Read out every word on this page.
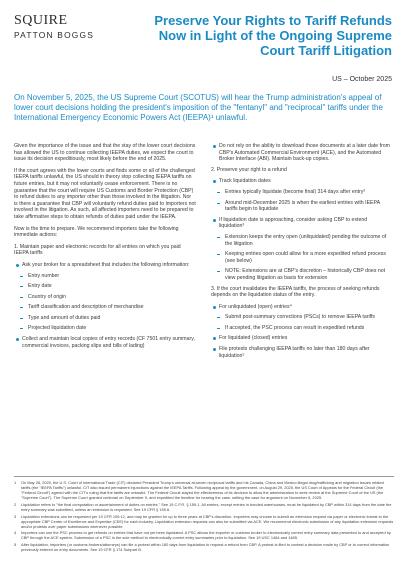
SQUIRE
PATTON BOGGS
Preserve Your Rights to Tariff Refunds Now in Light of the Ongoing Supreme Court Tariff Litigation
US – October 2025
On November 5, 2025, the US Supreme Court (SCOTUS) will hear the Trump administration's appeal of lower court decisions holding the president's imposition of the "fentanyl" and "reciprocal" tariffs under the International Emergency Economic Powers Act (IEEPA)¹ unlawful.

Given the importance of the issue and that the stay of the lower court decisions has allowed the US to continue collecting IEEPA duties, we expect the court to issue its decision expeditiously, most likely before the end of 2025.

If the court agrees with the lower courts and finds some or all of the challenged IEEPA tariffs unlawful, the US should in theory stop collecting IEEPA tariffs on future entries, but it may not voluntarily cease enforcement. There is no guarantee that the court will require US Customs and Border Protection (CBP) to refund duties to any importer other than those involved in the litigation. Nor is there a guarantee that CBP will voluntarily refund duties paid to importers not involved in the litigation. As such, all affected importers need to be prepared to take affirmative steps to obtain refunds of duties paid under the IEEPA.

Now is the time to prepare. We recommend importers take the following immediate actions:

1. Maintain paper and electronic records for all entries on which you paid IEEPA tariffs

Ask your broker for a spreadsheet that includes the following information:
Entry number
Entry date
Country of origin
Tariff classification and description of merchandise
Type and amount of duties paid
Projected liquidation date
Collect and maintain local copies of entry records (CF 7501 entry summary, commercial invoices, packing slips and bills of lading)
Do not rely on the ability to download those documents at a later date from CBP's Automated Commercial Environment (ACE), and the Automated Broker Interface (ABI). Maintain back-up copies.

2. Preserve your right to a refund

Track liquidation dates
Entries typically liquidate (become final) 314 days after entry²
Around mid-December 2025 is when the earliest entries with IEEPA tariffs begin to liquidate
If liquidation date is approaching, consider asking CBP to extend liquidation³
Extension keeps the entry open (unliquidated) pending the outcome of the litigation
Keeping entries open could allow for a more expedited refund process (see below)
NOTE: Extensions are at CBP's discretion – historically CBP does not view pending litigation as basis for extension

3. If the court invalidates the IEEPA tariffs, the process of seeking refunds depends on the liquidation status of the entry.

For unliquidated (open) entries⁴
Submit post-summary corrections (PSCs) to remove IEEPA tariffs
If accepted, the PSC process can result in expedited refunds
For liquidated (closed) entries
File protests challenging IEEPA tariffs no later than 180 days after liquidation⁵
1	On May 28, 2025, the U.S. Court of International Trade (CIT) declared President Trump's universal at-seven reciprocal tariffs and his Canada, China and Mexico illegal drug/trafficking and migration issues related tariffs (the "IEEPA Tariffs") unlawful. CIT also issued permanent injunctions against the IEEPA Tariffs. Following appeal by the government, on August 29, 2025, the US Court of Appeals for the Federal Circuit (the "Federal Circuit") agreed with the CIT's ruling that the tariffs are unlawful. The Federal Circuit stayed the effectiveness of its decision to allow the administration to seek review at the Supreme Court of the US (the "Supreme Court"). The Supreme Court granted certiorari on September 9, and expedited the timeline for hearing the case, setting the case for argument on November 5, 2025.
2	Liquidation refers to "the final computation or ascertainment of duties on entries." See 19 C.F.R. § 159.1. All entries, except entries in bonded warehouses, must be liquidated by CBP within 314 days from the date the entry summary was submitted, unless an extension is requested. See 19 CFR § 159.6.
3	Liquidation extensions can be requested per 19 CFR 159.12, and may be granted for up to three years at CBP's discretion. Importers may choose to submit an extension request via paper or electronic format to the appropriate CBP Center of Excellence and Expertise (CEE) for each industry. Liquidation extension requests can also be submitted via ACE. We recommend electronic submission of any liquidation extension requests and/or protests over paper submissions whenever possible.
4	Importers can use the PSC process to get refunds on entries that have not yet been liquidated. A PSC allows the importer or customs broker to electronically correct entry summary data presented to and accepted by CBP through the ACE system. Submission of a PSC is the sole method to electronically correct entry summaries prior to liquidation. See 19 USC 1484 and 1485.
5	After liquidation, importers (or customs brokers/attorneys) can file a protest within 180 days from liquidation to request a refund from CBP. A protest is filed to contest a decision made by CBP or to correct information previously entered on entry documents. See 19 CFR § 174 Subpart B.
